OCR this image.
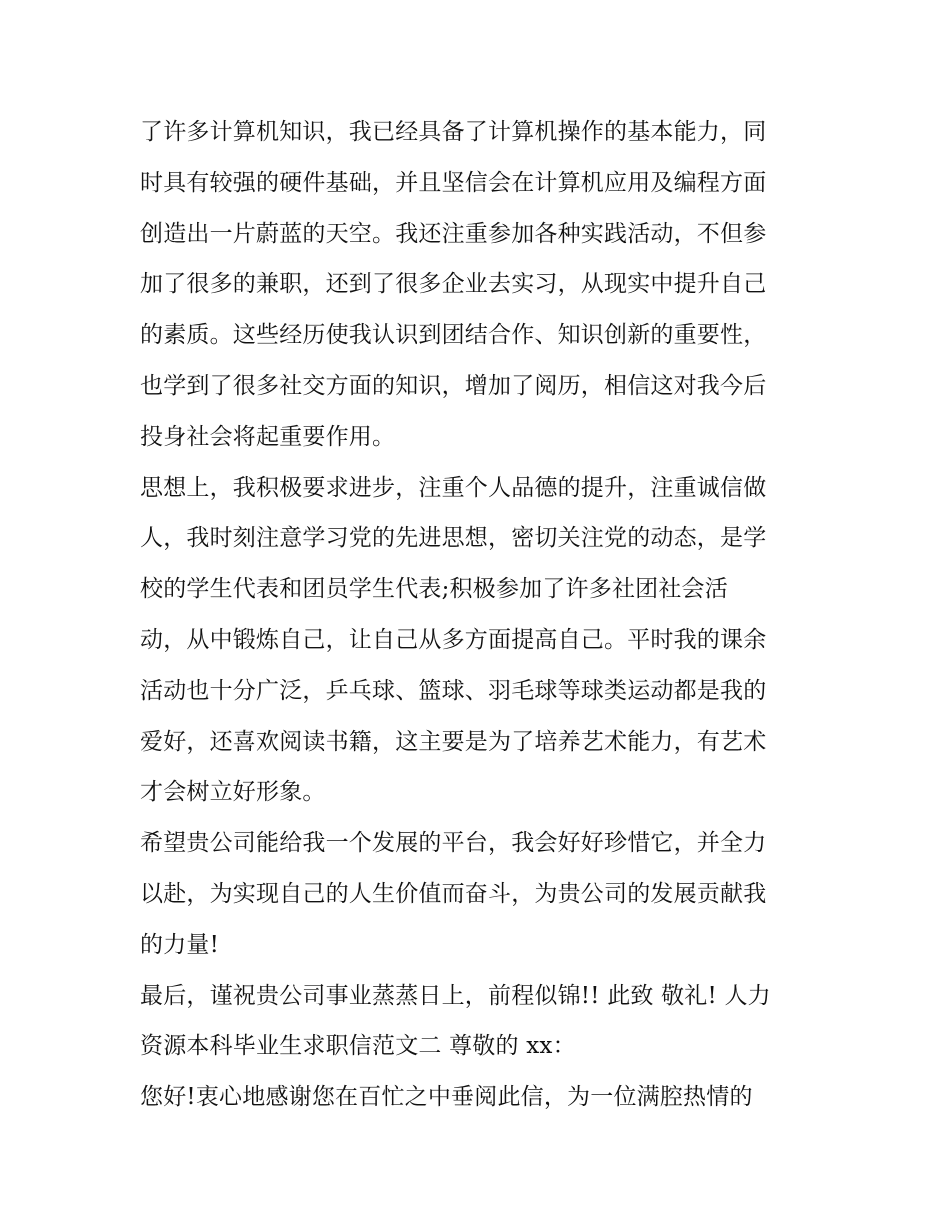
了许多计算机知识，我已经具备了计算机操作的基本能力，同
时具有较强的硬件基础，并且坚信会在计算机应用及编程方面
创造出一片蔚蓝的天空。我还注重参加各种实践活动，不但参
加了很多的兼职，还到了很多企业去实习，从现实中提升自己
的素质。这些经历使我认识到团结合作、知识创新的重要性，
也学到了很多社交方面的知识，增加了阅历，相信这对我今后
投身社会将起重要作用。
思想上，我积极要求进步，注重个人品德的提升，注重诚信做
人，我时刻注意学习党的先进思想，密切关注党的动态，是学
校的学生代表和团员学生代表;积极参加了许多社团社会活
动，从中锻炼自己，让自己从多方面提高自己。平时我的课余
活动也十分广泛，乒乓球、篮球、羽毛球等球类运动都是我的
爱好，还喜欢阅读书籍，这主要是为了培养艺术能力，有艺术
才会树立好形象。
希望贵公司能给我一个发展的平台，我会好好珍惜它，并全力
以赴，为实现自己的人生价值而奋斗，为贵公司的发展贡献我
的力量!
最后，谨祝贵公司事业蒸蒸日上，前程似锦!! 此致 敬礼! 人力
资源本科毕业生求职信范文二 尊敬的 xx：
您好!衷心地感谢您在百忙之中垂阅此信，为一位满腔热情的
